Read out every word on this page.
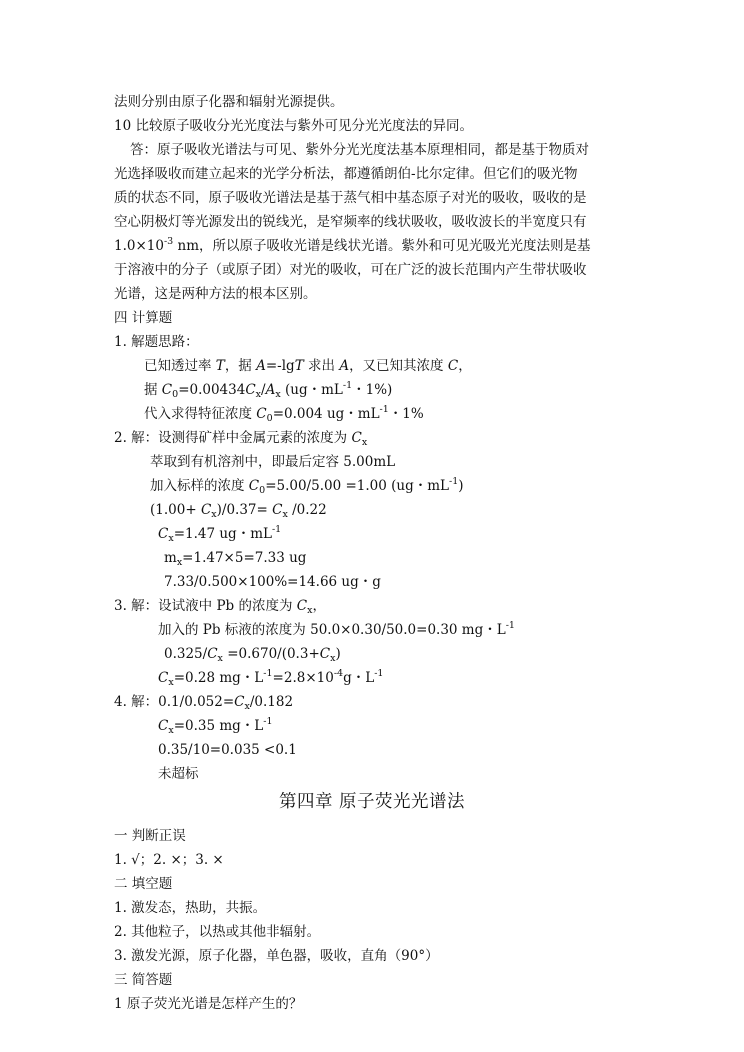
法则分别由原子化器和辐射光源提供。
10 比较原子吸收分光光度法与紫外可见分光光度法的异同。
答：原子吸收光谱法与可见、紫外分光光度法基本原理相同，都是基于物质对
光选择吸收而建立起来的光学分析法，都遵循朗伯-比尔定律。但它们的吸光物
质的状态不同，原子吸收光谱法是基于蒸气相中基态原子对光的吸收，吸收的是
空心阴极灯等光源发出的锐线光，是窄频率的线状吸收，吸收波长的半宽度只有
$1.0\times 10^{-3}$ nm，所以原子吸收光谱是线状光谱。紫外和可见光吸光光度法则是基
于溶液中的分子（或原子团）对光的吸收，可在广泛的波长范围内产生带状吸收
光谱，这是两种方法的根本区别。
四 计算题
1. 解题思路：
已知透过率 T，据 A=-lgT 求出 A，又已知其浓度 C，
据 $C_0=0.00434C_x/A_x$ (ug・$mL^{-1}$・1%)
代入求得特征浓度 $C_0=0.004$ ug・$mL^{-1}$・1%
2. 解：设测得矿样中金属元素的浓度为 $C_x$
萃取到有机溶剂中，即最后定容 5.00mL
加入标样的浓度 $C_0=5.00/5.00 =1.00$ (ug・$mL^{-1}$)
$(1.00+ C_x)/0.37= C_x$ /0.22
$C_x=1.47$ ug・$mL^{-1}$
$m_x=1.47\times 5=7.33$ ug
7.33/0.500×100%=14.66 ug・g
3. 解：设试液中 Pb 的浓度为 $C_x$，
加入的 Pb 标液的浓度为 50.0×0.30/50.0=0.30 mg・$L^{-1}$
$0.325/C_x =0.670/(0.3+C_x)$
$C_x=0.28$ mg・$L^{-1}=2.8\times 10^{-4}g$・$L^{-1}$
4. 解：$0.1/0.052=C_x/0.182$
$C_x=0.35$ mg・$L^{-1}$
0.35/10=0.035 <0.1
未超标
第四章 原子荧光光谱法
一 判断正误
1. √；2. ×；3. ×
二 填空题
1. 激发态，热助，共振。
2. 其他粒子，以热或其他非辐射。
3. 激发光源，原子化器，单色器，吸收，直角（90°）
三 简答题
1 原子荧光光谱是怎样产生的？
